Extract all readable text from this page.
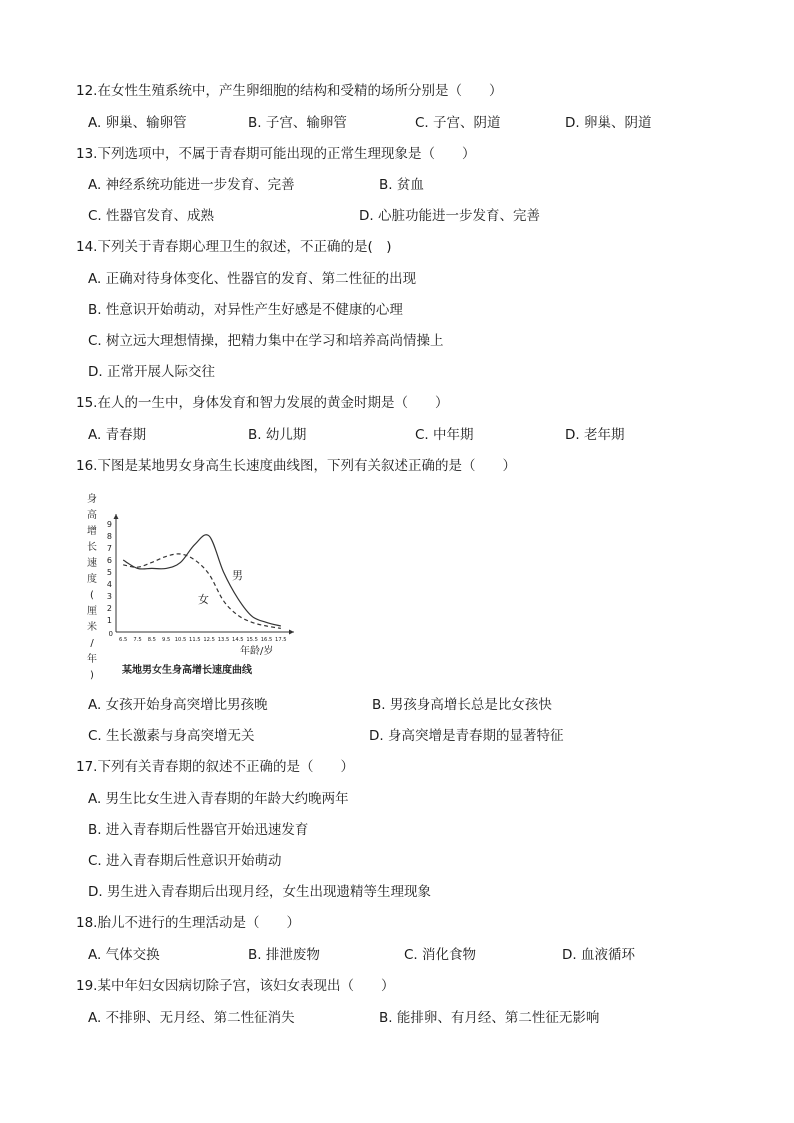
12.在女性生殖系统中，产生卵细胞的结构和受精的场所分别是（　　）
A. 卵巢、输卵管	B. 子宫、输卵管	C. 子宫、阴道	D. 卵巢、阴道
13.下列选项中，不属于青春期可能出现的正常生理现象是（　　）
A. 神经系统功能进一步发育、完善	B. 贫血
C. 性器官发育、成熟	D. 心脏功能进一步发育、完善
14.下列关于青春期心理卫生的叙述，不正确的是(　)
A. 正确对待身体变化、性器官的发育、第二性征的出现
B. 性意识开始萌动，对异性产生好感是不健康的心理
C. 树立远大理想情操，把精力集中在学习和培养高尚情操上
D. 正常开展人际交往
15.在人的一生中，身体发育和智力发展的黄金时期是（　　）
A. 青春期	B. 幼儿期	C. 中年期	D. 老年期
16.下图是某地男女身高生长速度曲线图，下列有关叙述正确的是（　　）
身
高
增
长
速
度
(
厘
米
/
年
)
1
2
3
4
5
6
7
8
9
0
6.5 7.5 8.5 9.5 10.5 11.5 12.5 13.5 14.5 15.5 16.5 17.5
男
女
年龄/岁
某地男女生身高增长速度曲线
A. 女孩开始身高突增比男孩晚	B. 男孩身高增长总是比女孩快
C. 生长激素与身高突增无关	D. 身高突增是青春期的显著特征
17.下列有关青春期的叙述不正确的是（　　）
A. 男生比女生进入青春期的年龄大约晚两年
B. 进入青春期后性器官开始迅速发育
C. 进入青春期后性意识开始萌动
D. 男生进入青春期后出现月经，女生出现遗精等生理现象
18.胎儿不进行的生理活动是（　　）
A. 气体交换	B. 排泄废物	C. 消化食物	D. 血液循环
19.某中年妇女因病切除子宫，该妇女表现出（　　）
A. 不排卵、无月经、第二性征消失	B. 能排卵、有月经、第二性征无影响
